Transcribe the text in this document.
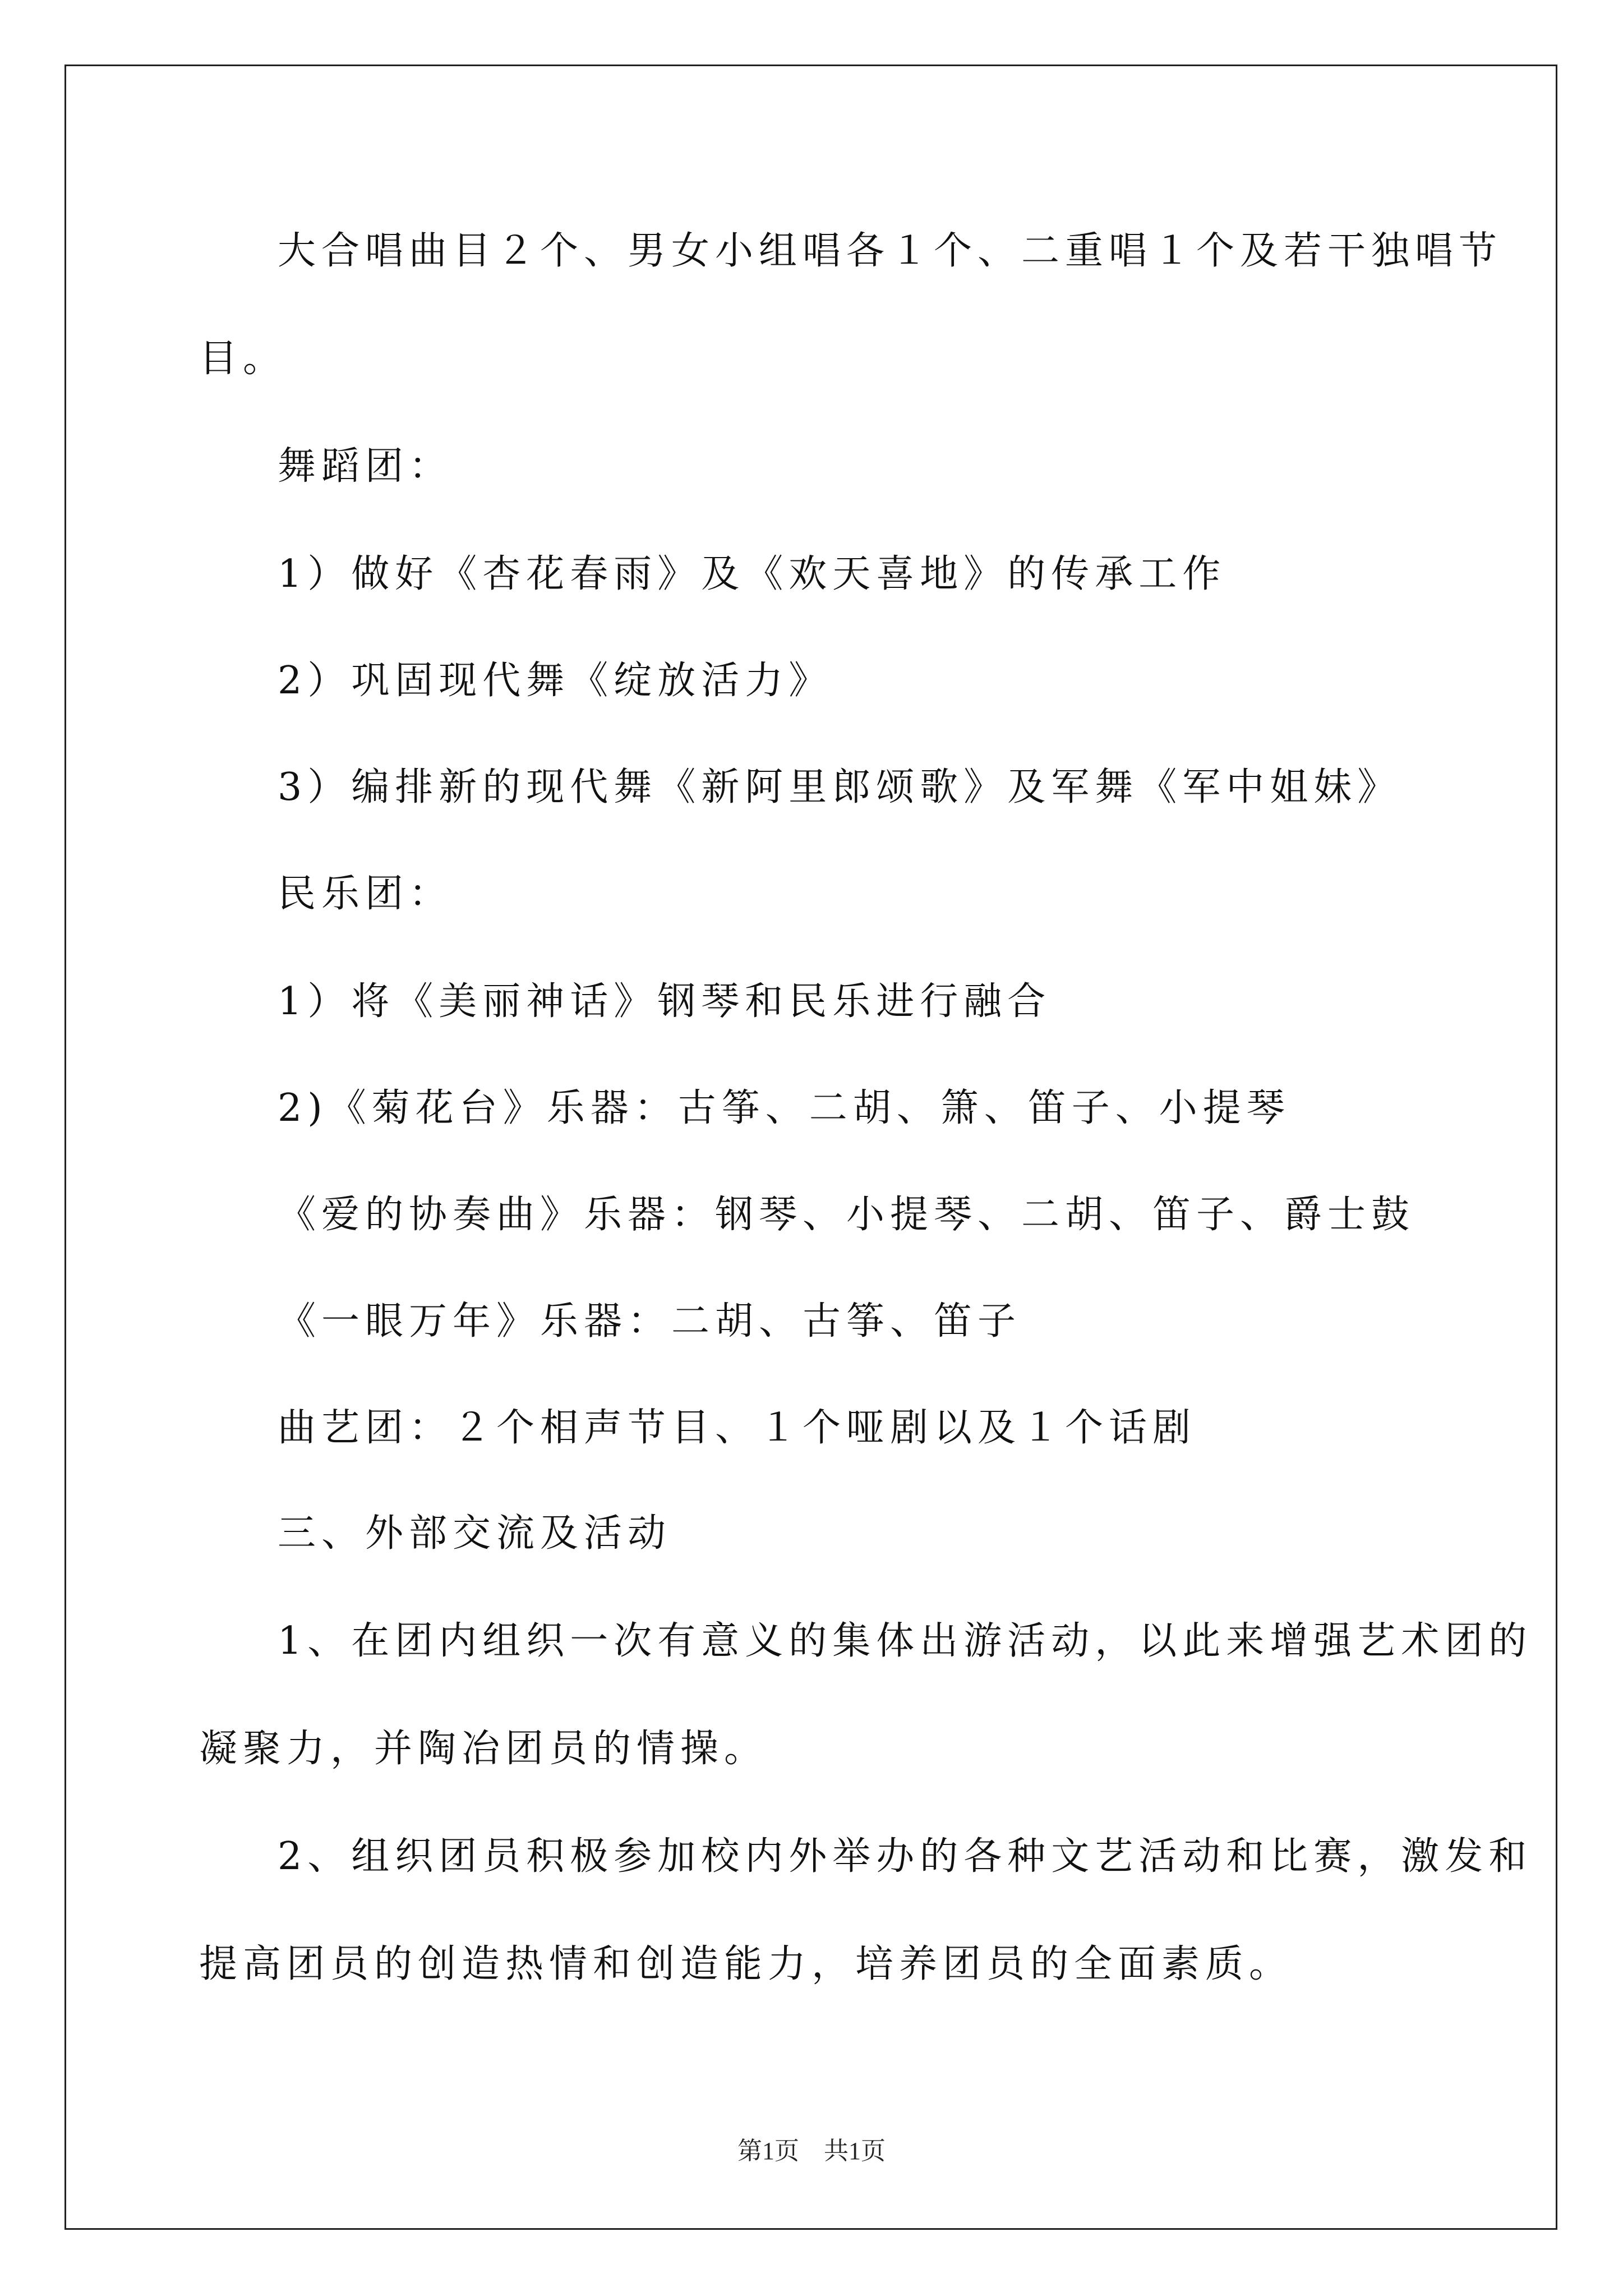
大合唱曲目２个、男女小组唱各１个、二重唱１个及若干独唱节
目。
舞蹈团：
1）做好《杏花春雨》及《欢天喜地》的传承工作
2）巩固现代舞《绽放活力》
3）编排新的现代舞《新阿里郎颂歌》及军舞《军中姐妹》
民乐团：
1）将《美丽神话》钢琴和民乐进行融合
2)《菊花台》乐器：古筝、二胡、箫、笛子、小提琴
《爱的协奏曲》乐器：钢琴、小提琴、二胡、笛子、爵士鼓
《一眼万年》乐器：二胡、古筝、笛子
曲艺团：２个相声节目、１个哑剧以及１个话剧
三、外部交流及活动
1、在团内组织一次有意义的集体出游活动，以此来增强艺术团的
凝聚力，并陶冶团员的情操。
2、组织团员积极参加校内外举办的各种文艺活动和比赛，激发和
提高团员的创造热情和创造能力，培养团员的全面素质。
第1页　共1页
